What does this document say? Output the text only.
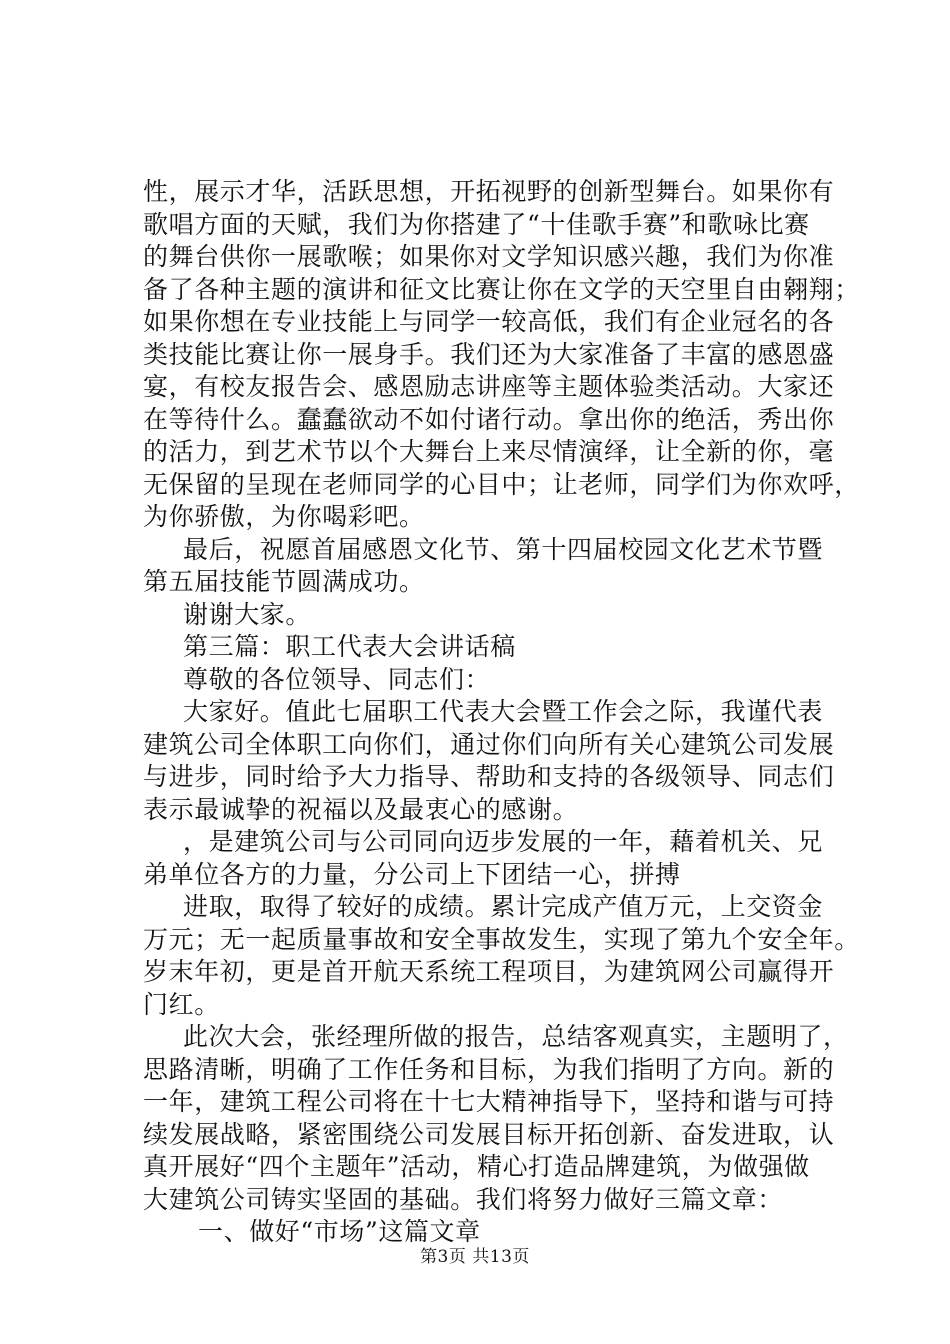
性，展示才华，活跃思想，开拓视野的创新型舞台。如果你有
歌唱方面的天赋，我们为你搭建了“十佳歌手赛”和歌咏比赛
的舞台供你一展歌喉；如果你对文学知识感兴趣，我们为你准
备了各种主题的演讲和征文比赛让你在文学的天空里自由翱翔；
如果你想在专业技能上与同学一较高低，我们有企业冠名的各
类技能比赛让你一展身手。我们还为大家准备了丰富的感恩盛
宴，有校友报告会、感恩励志讲座等主题体验类活动。大家还
在等待什么。蠢蠢欲动不如付诸行动。拿出你的绝活，秀出你
的活力，到艺术节以个大舞台上来尽情演绎，让全新的你，毫
无保留的呈现在老师同学的心目中；让老师，同学们为你欢呼，
为你骄傲，为你喝彩吧。
最后，祝愿首届感恩文化节、第十四届校园文化艺术节暨
第五届技能节圆满成功。
谢谢大家。
第三篇：职工代表大会讲话稿
尊敬的各位领导、同志们：
大家好。值此七届职工代表大会暨工作会之际，我谨代表
建筑公司全体职工向你们，通过你们向所有关心建筑公司发展
与进步，同时给予大力指导、帮助和支持的各级领导、同志们
表示最诚挚的祝福以及最衷心的感谢。
，是建筑公司与公司同向迈步发展的一年，藉着机关、兄
弟单位各方的力量，分公司上下团结一心，拼搏
进取，取得了较好的成绩。累计完成产值万元，上交资金
万元；无一起质量事故和安全事故发生，实现了第九个安全年。
岁末年初，更是首开航天系统工程项目，为建筑网公司赢得开
门红。
此次大会，张经理所做的报告，总结客观真实，主题明了，
思路清晰，明确了工作任务和目标，为我们指明了方向。新的
一年，建筑工程公司将在十七大精神指导下，坚持和谐与可持
续发展战略，紧密围绕公司发展目标开拓创新、奋发进取，认
真开展好“四个主题年”活动，精心打造品牌建筑，为做强做
大建筑公司铸实坚固的基础。我们将努力做好三篇文章：
一、做好“市场”这篇文章
第3页 共13页
